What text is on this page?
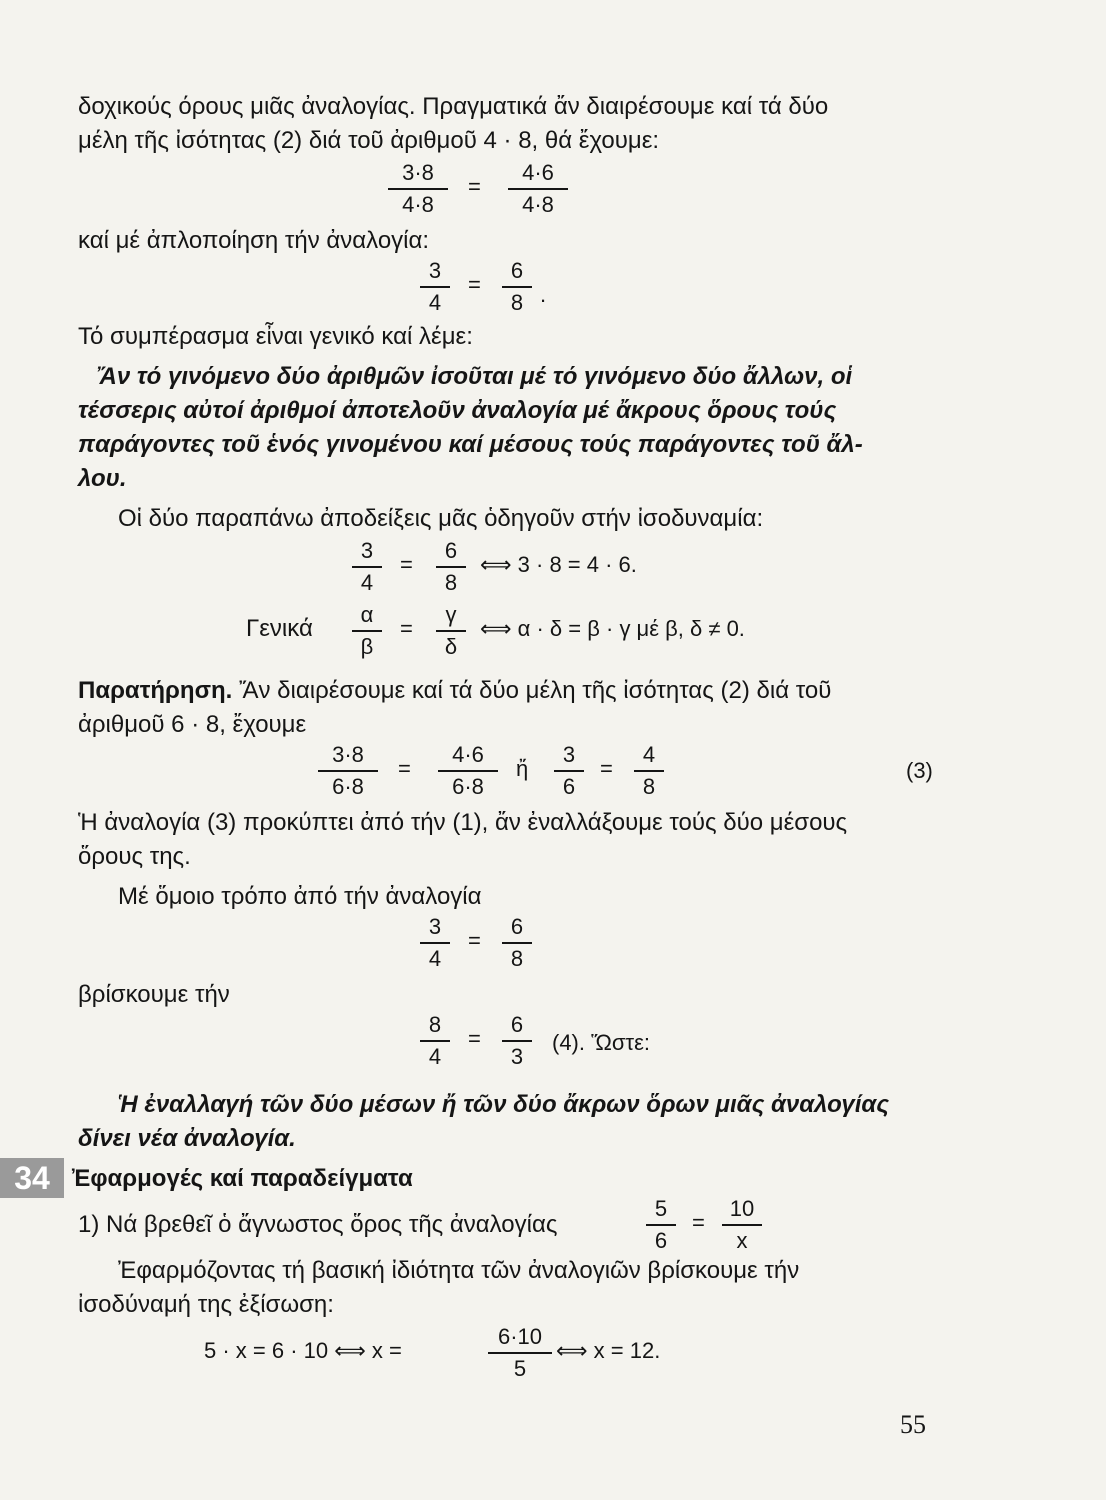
δοχικούς όρους μιᾶς ἀναλογίας. Πραγματικά ἄν διαιρέσουμε καί τά δύο
μέλη τῆς ἰσότητας (2) διά τοῦ ἀριθμοῦ 4 · 8, θά ἔχουμε:
3·8
4·8
=
4·6
4·8
καί μέ ἀπλοποίηση τήν ἀναλογία:
3
4
=
6
8 .
Τό συμπέρασμα εἶναι γενικό καί λέμε:
Ἄν τό γινόμενο δύο ἀριθμῶν ἰσοῦται μέ τό γινόμενο δύο ἄλλων, οἱ
τέσσερις αὐτοί ἀριθμοί ἀποτελοῦν ἀναλογία μέ ἄκρους ὅρους τούς
παράγοντες τοῦ ἑνός γινομένου καί μέσους τούς παράγοντες τοῦ ἄλ-
λου.
Οἱ δύο παραπάνω ἀποδείξεις μᾶς ὁδηγοῦν στήν ἰσοδυναμία:
3
4
=
6
8
⟺ 3 · 8 = 4 · 6.
Γενικά
α
β
=
γ
δ
⟺ α · δ = β · γ μέ β, δ ≠ 0.
Παρατήρηση. Ἄν διαιρέσουμε καί τά δύο μέλη τῆς ἰσότητας (2) διά τοῦ
ἀριθμοῦ 6 · 8, ἔχουμε
3·8
6·8
=
4·6
6·8
ἤ
3
6
=
4
8
(3)
Ἡ ἀναλογία (3) προκύπτει ἀπό τήν (1), ἄν ἐναλλάξουμε τούς δύο μέσους
ὅρους της.
Μέ ὅμοιο τρόπο ἀπό τήν ἀναλογία
3
4
=
6
8
βρίσκουμε τήν
8
4
=
6
3
(4). Ὥστε:
Ἡ ἐναλλαγή τῶν δύο μέσων ἤ τῶν δύο ἄκρων ὅρων μιᾶς ἀναλογίας
δίνει νέα ἀναλογία.
34 Ἐφαρμογές καί παραδείγματα
1) Νά βρεθεῖ ὁ ἄγνωστος ὅρος τῆς ἀναλογίας
5
6
=
10
x
Ἐφαρμόζοντας τή βασική ἰδιότητα τῶν ἀναλογιῶν βρίσκουμε τήν
ἰσοδύναμή της ἐξίσωση:
5 · x = 6 · 10 ⟺ x =
6·10
5
⟺ x = 12.
55
